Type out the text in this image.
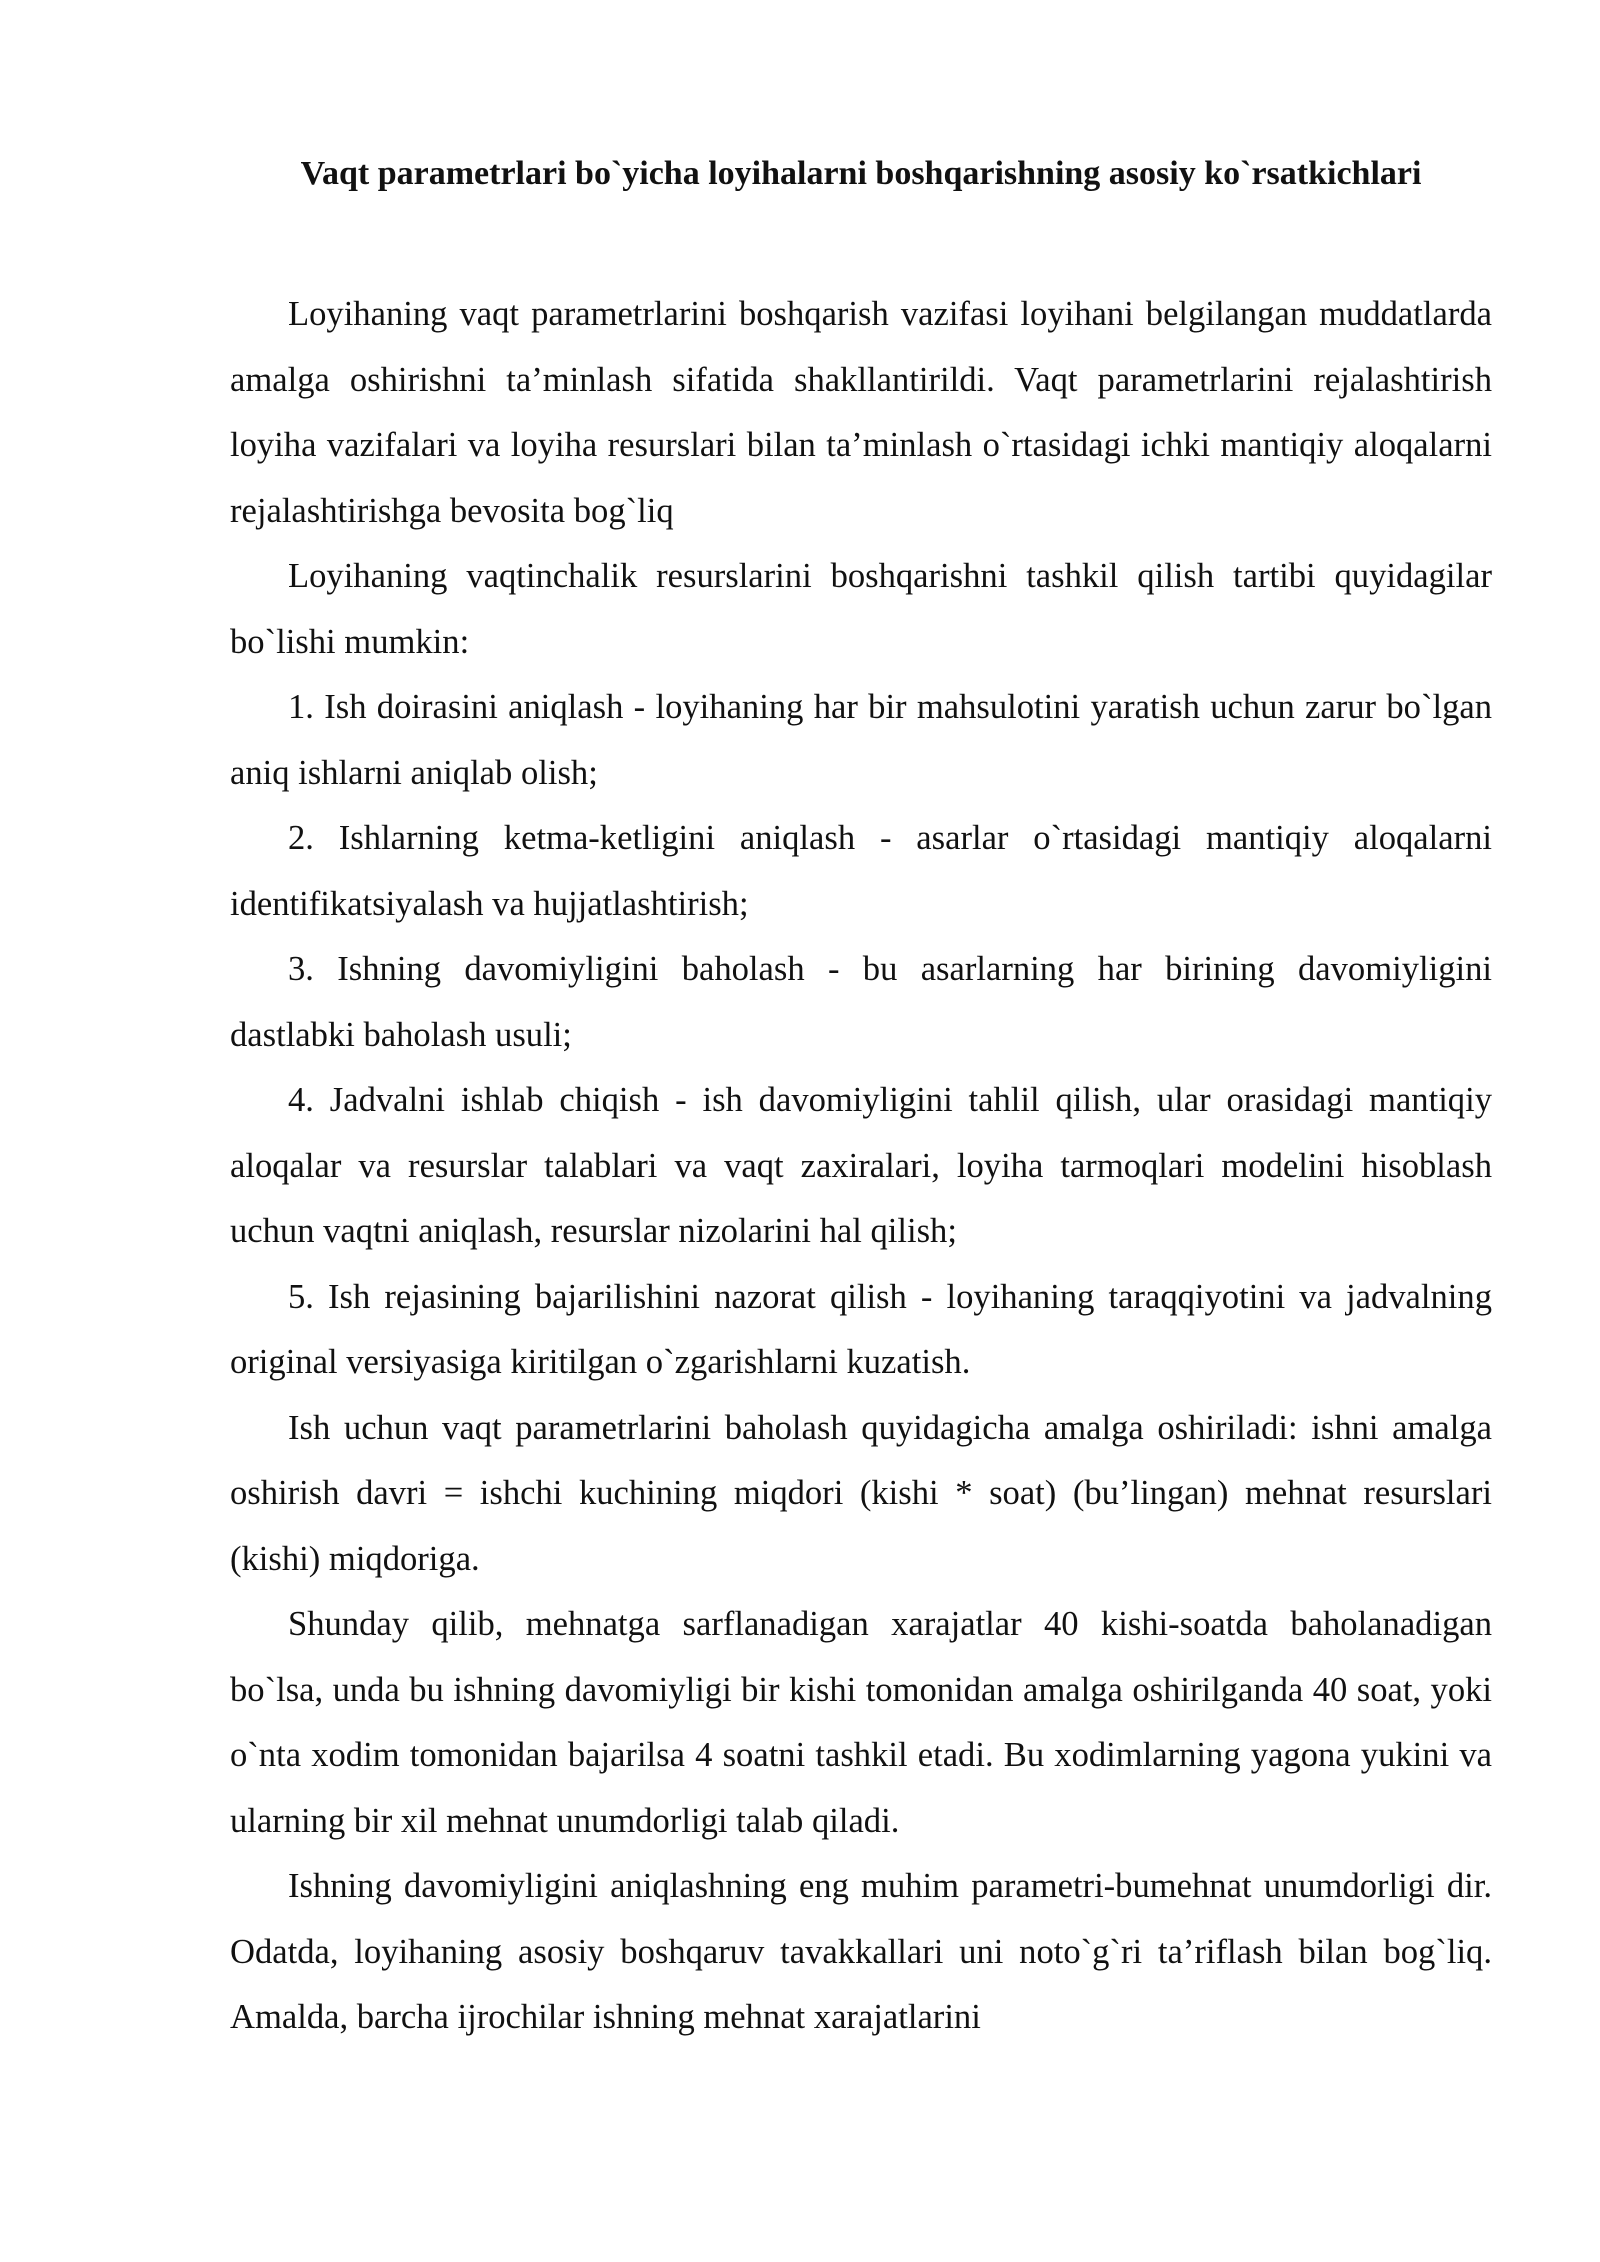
Vaqt parametrlari bo`yicha loyihalarni boshqarishning asosiy ko`rsatkichlari

Loyihaning vaqt parametrlarini boshqarish vazifasi loyihani belgilangan muddatlarda amalga oshirishni ta’minlash sifatida shakllantirildi. Vaqt parametrlarini rejalashtirish loyiha vazifalari va loyiha resurslari bilan ta’minlash o`rtasidagi ichki mantiqiy aloqalarni rejalashtirishga bevosita bog`liq

Loyihaning vaqtinchalik resurslarini boshqarishni tashkil qilish tartibi quyidagilar bo`lishi mumkin:

1. Ish doirasini aniqlash - loyihaning har bir mahsulotini yaratish uchun zarur bo`lgan aniq ishlarni aniqlab olish;

2. Ishlarning ketma-ketligini aniqlash - asarlar o`rtasidagi mantiqiy aloqalarni identifikatsiyalash va hujjatlashtirish;

3. Ishning davomiyligini baholash - bu asarlarning har birining davomiyligini dastlabki baholash usuli;

4. Jadvalni ishlab chiqish - ish davomiyligini tahlil qilish, ular orasidagi mantiqiy aloqalar va resurslar talablari va vaqt zaxiralari, loyiha tarmoqlari modelini hisoblash uchun vaqtni aniqlash, resurslar nizolarini hal qilish;

5. Ish rejasining bajarilishini nazorat qilish - loyihaning taraqqiyotini va jadvalning original versiyasiga kiritilgan o`zgarishlarni kuzatish.

Ish uchun vaqt parametrlarini baholash quyidagicha amalga oshiriladi: ishni amalga oshirish davri = ishchi kuchining miqdori (kishi * soat) (bu’lingan) mehnat resurslari (kishi) miqdoriga.

Shunday qilib, mehnatga sarflanadigan xarajatlar 40 kishi-soatda baholanadigan bo`lsa, unda bu ishning davomiyligi bir kishi tomonidan amalga oshirilganda 40 soat, yoki o`nta xodim tomonidan bajarilsa 4 soatni tashkil etadi. Bu xodimlarning yagona yukini va ularning bir xil mehnat unumdorligi talab qiladi.

Ishning davomiyligini aniqlashning eng muhim parametri-bumehnat unumdorligi dir. Odatda, loyihaning asosiy boshqaruv tavakkallari uni noto`g`ri ta’riflash bilan bog`liq. Amalda, barcha ijrochilar ishning mehnat xarajatlarini
